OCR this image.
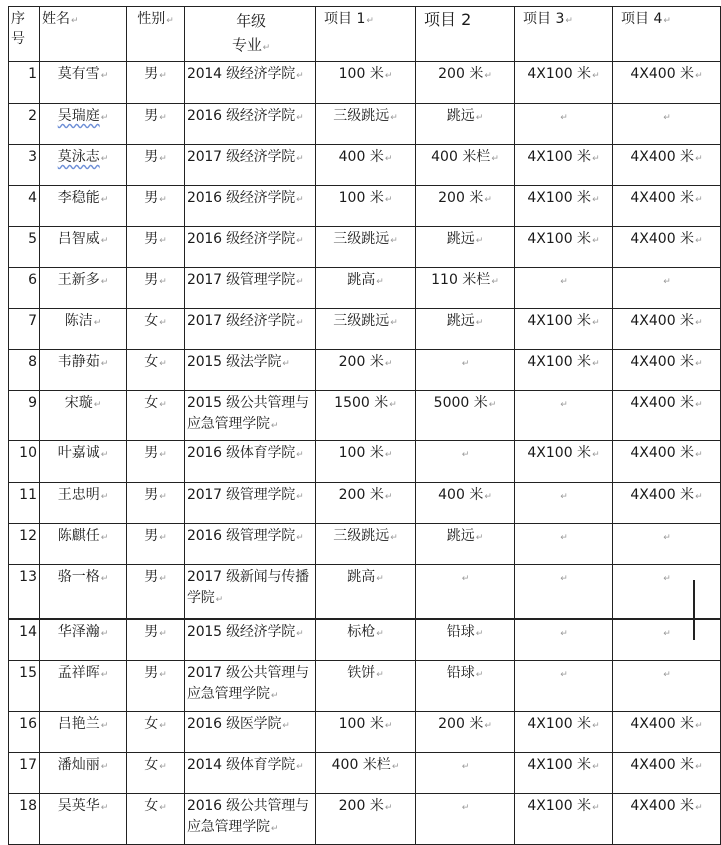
序号	姓名↵	性别↵	年级
专业↵	项目 1↵	项目 2	项目 3↵	项目 4↵
1	莫有雪↵	男↵	2014 级经济学院↵	100 米↵	200 米↵	4X100 米↵	4X400 米↵
2	吴瑞庭↵	男↵	2016 级经济学院↵	三级跳远↵	跳远↵	↵	↵
3	莫泳志↵	男↵	2017 级经济学院↵	400 米↵	400 米栏↵	4X100 米↵	4X400 米↵
4	李稳能↵	男↵	2016 级经济学院↵	100 米↵	200 米↵	4X100 米↵	4X400 米↵
5	吕智威↵	男↵	2016 级经济学院↵	三级跳远↵	跳远↵	4X100 米↵	4X400 米↵
6	王新多↵	男↵	2017 级管理学院↵	跳高↵	110 米栏↵	↵	↵
7	陈洁↵	女↵	2017 级经济学院↵	三级跳远↵	跳远↵	4X100 米↵	4X400 米↵
8	韦静茹↵	女↵	2015 级法学院↵	200 米↵	↵	4X100 米↵	4X400 米↵
9	宋璇↵	女↵	2015 级公共管理与应急管理学院↵	1500 米↵	5000 米↵	↵	4X400 米↵
10	叶嘉诚↵	男↵	2016 级体育学院↵	100 米↵	↵	4X100 米↵	4X400 米↵
11	王忠明↵	男↵	2017 级管理学院↵	200 米↵	400 米↵	↵	4X400 米↵
12	陈麒任↵	男↵	2016 级管理学院↵	三级跳远↵	跳远↵	↵	↵
13	骆一格↵	男↵	2017 级新闻与传播学院↵	跳高↵	↵	↵	↵
14	华泽瀚↵	男↵	2015 级经济学院↵	标枪↵	铅球↵	↵	↵
15	孟祥晖↵	男↵	2017 级公共管理与应急管理学院↵	铁饼↵	铅球↵	↵	↵
16	吕艳兰↵	女↵	2016 级医学院↵	100 米↵	200 米↵	4X100 米↵	4X400 米↵
17	潘灿丽↵	女↵	2014 级体育学院↵	400 米栏↵	↵	4X100 米↵	4X400 米↵
18	吴英华↵	女↵	2016 级公共管理与应急管理学院↵	200 米↵	↵	4X100 米↵	4X400 米↵
